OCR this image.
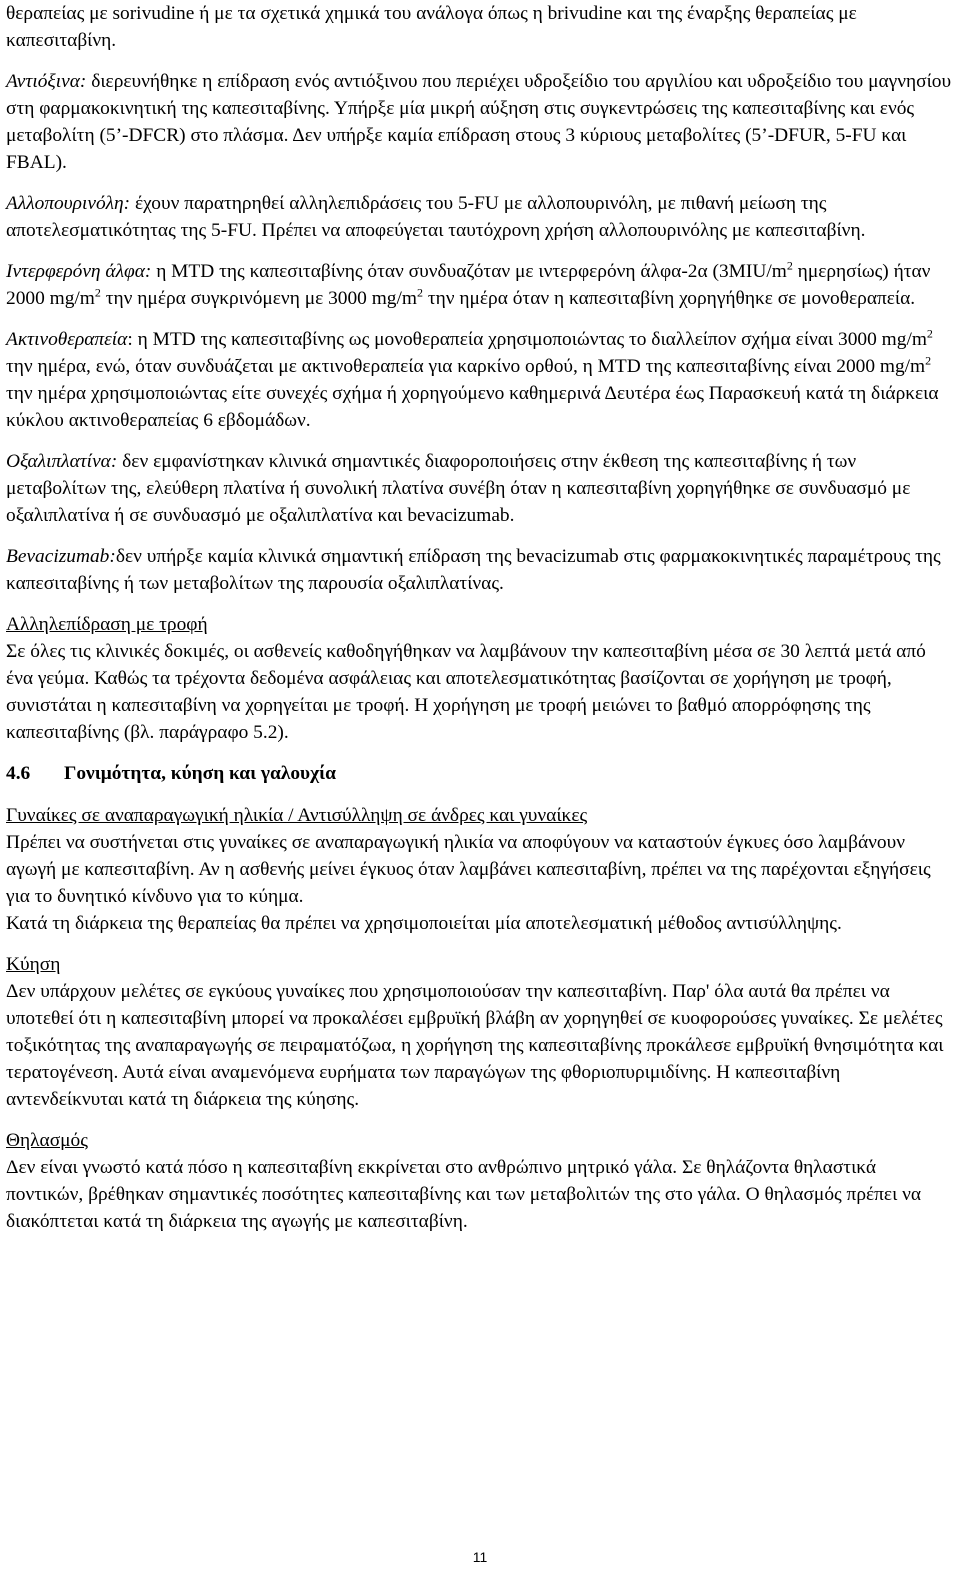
θεραπείας με sorivudine ή με τα σχετικά χημικά του ανάλογα όπως η brivudine και της έναρξης θεραπείας με καπεσιταβίνη.

Αντιόξινα: διερευνήθηκε η επίδραση ενός αντιόξινου που περιέχει υδροξείδιο του αργιλίου και υδροξείδιο του μαγνησίου στη φαρμακοκινητική της καπεσιταβίνης. Υπήρξε μία μικρή αύξηση στις συγκεντρώσεις της καπεσιταβίνης και ενός μεταβολίτη (5’-DFCR) στο πλάσμα. Δεν υπήρξε καμία επίδραση στους 3 κύριους μεταβολίτες (5’-DFUR, 5-FU και FBAL).

Αλλοπουρινόλη: έχουν παρατηρηθεί αλληλεπιδράσεις του 5-FU με αλλοπουρινόλη, με πιθανή μείωση της αποτελεσματικότητας της 5-FU. Πρέπει να αποφεύγεται ταυτόχρονη χρήση αλλοπουρινόλης με καπεσιταβίνη.

Ιντερφερόνη άλφα: η MTD της καπεσιταβίνης όταν συνδυαζόταν με ιντερφερόνη άλφα-2α ($3MIU/m^2$ ημερησίως) ήταν 2000 $mg/m^2$ την ημέρα συγκρινόμενη με 3000 $mg/m^2$ την ημέρα όταν η καπεσιταβίνη χορηγήθηκε σε μονοθεραπεία.

Ακτινοθεραπεία: η MTD της καπεσιταβίνης ως μονοθεραπεία χρησιμοποιώντας το διαλλείπον σχήμα είναι 3000 $mg/m^2$ την ημέρα, ενώ, όταν συνδυάζεται με ακτινοθεραπεία για καρκίνο ορθού, η MTD της καπεσιταβίνης είναι 2000 $mg/m^2$ την ημέρα χρησιμοποιώντας είτε συνεχές σχήμα ή χορηγούμενο καθημερινά Δευτέρα έως Παρασκευή κατά τη διάρκεια κύκλου ακτινοθεραπείας 6 εβδομάδων.

Οξαλιπλατίνα: δεν εμφανίστηκαν κλινικά σημαντικές διαφοροποιήσεις στην έκθεση της καπεσιταβίνης ή των μεταβολίτων της, ελεύθερη πλατίνα ή συνολική πλατίνα συνέβη όταν η καπεσιταβίνη χορηγήθηκε σε συνδυασμό με οξαλιπλατίνα ή σε συνδυασμό με οξαλιπλατίνα και bevacizumab.

Bevacizumab:δεν υπήρξε καμία κλινικά σημαντική επίδραση της bevacizumab στις φαρμακοκινητικές παραμέτρους της καπεσιταβίνης ή των μεταβολίτων της παρουσία οξαλιπλατίνας.

Αλληλεπίδραση με τροφή

Σε όλες τις κλινικές δοκιμές, οι ασθενείς καθοδηγήθηκαν να λαμβάνουν την καπεσιταβίνη μέσα σε 30 λεπτά μετά από ένα γεύμα. Καθώς τα τρέχοντα δεδομένα ασφάλειας και αποτελεσματικότητας βασίζονται σε χορήγηση με τροφή, συνιστάται η καπεσιταβίνη να χορηγείται με τροφή. Η χορήγηση με τροφή μειώνει το βαθμό απορρόφησης της καπεσιταβίνης (βλ. παράγραφο 5.2).

4.6 Γονιμότητα, κύηση και γαλουχία

Γυναίκες σε αναπαραγωγική ηλικία / Αντισύλληψη σε άνδρες και γυναίκες

Πρέπει να συστήνεται στις γυναίκες σε αναπαραγωγική ηλικία να αποφύγουν να καταστούν έγκυες όσο λαμβάνουν αγωγή με καπεσιταβίνη. Αν η ασθενής μείνει έγκυος όταν λαμβάνει καπεσιταβίνη, πρέπει να της παρέχονται εξηγήσεις για το δυνητικό κίνδυνο για το κύημα.

Κατά τη διάρκεια της θεραπείας θα πρέπει να χρησιμοποιείται μία αποτελεσματική μέθοδος αντισύλληψης.

Κύηση

Δεν υπάρχουν μελέτες σε εγκύους γυναίκες που χρησιμοποιούσαν την καπεσιταβίνη. Παρ' όλα αυτά θα πρέπει να υποτεθεί ότι η καπεσιταβίνη μπορεί να προκαλέσει εμβρυϊκή βλάβη αν χορηγηθεί σε κυοφορούσες γυναίκες. Σε μελέτες τοξικότητας της αναπαραγωγής σε πειραματόζωα, η χορήγηση της καπεσιταβίνης προκάλεσε εμβρυϊκή θνησιμότητα και τερατογένεση. Αυτά είναι αναμενόμενα ευρήματα των παραγώγων της φθοριοπυριμιδίνης. Η καπεσιταβίνη αντενδείκνυται κατά τη διάρκεια της κύησης.

Θηλασμός

Δεν είναι γνωστό κατά πόσο η καπεσιταβίνη εκκρίνεται στο ανθρώπινο μητρικό γάλα. Σε θηλάζοντα θηλαστικά ποντικών, βρέθηκαν σημαντικές ποσότητες καπεσιταβίνης και των μεταβολιτών της στο γάλα. Ο θηλασμός πρέπει να διακόπτεται κατά τη διάρκεια της αγωγής με καπεσιταβίνη.

11
